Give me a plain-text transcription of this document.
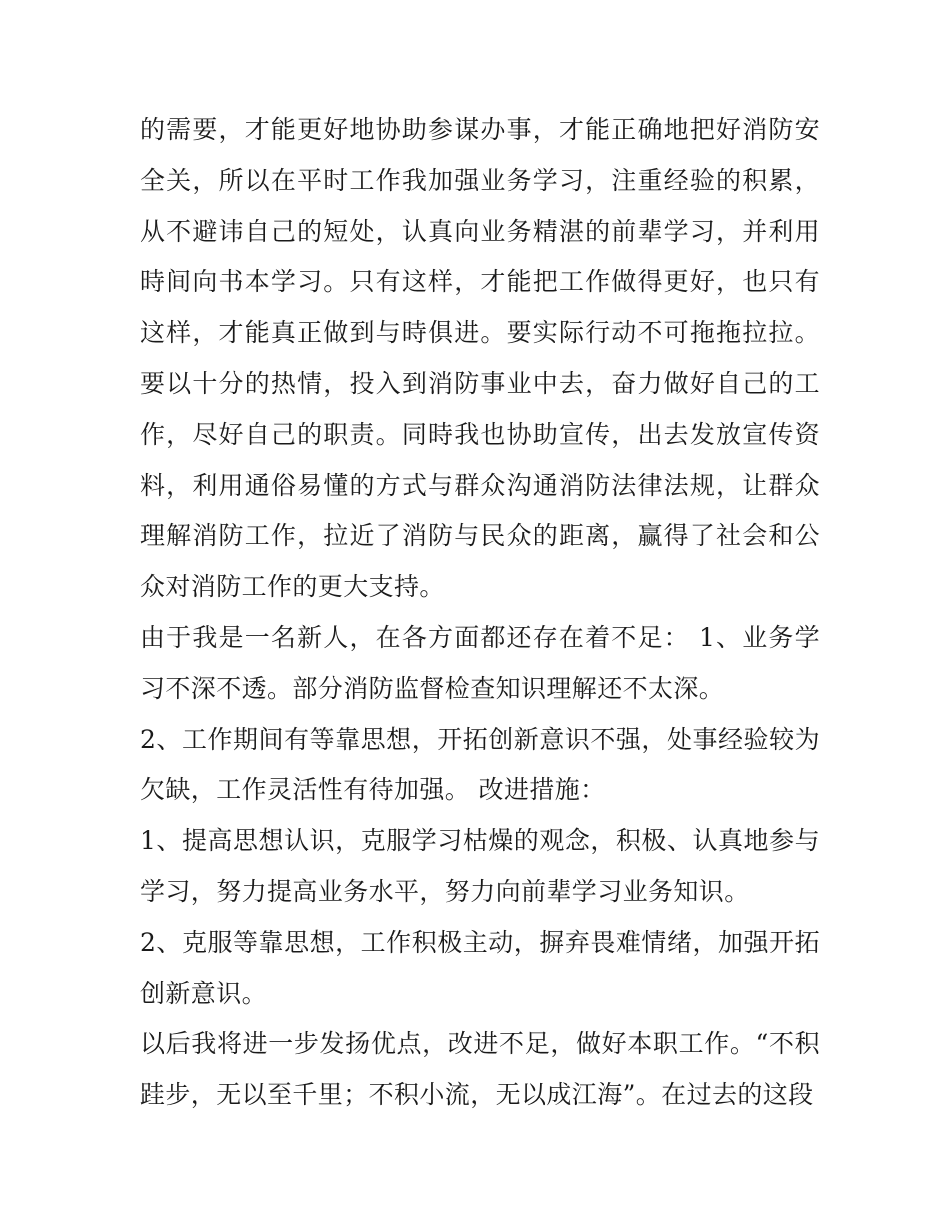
的需要，才能更好地协助参谋办事，才能正确地把好消防安全关，所以在平时工作我加强业务学习，注重经验的积累，从不避讳自己的短处，认真向业务精湛的前辈学习，并利用時间向书本学习。只有这样，才能把工作做得更好，也只有这样，才能真正做到与時俱进。要实际行动不可拖拖拉拉。要以十分的热情，投入到消防事业中去，奋力做好自己的工作，尽好自己的职责。同時我也协助宣传，出去发放宣传资料，利用通俗易懂的方式与群众沟通消防法律法规，让群众理解消防工作，拉近了消防与民众的距离，赢得了社会和公众对消防工作的更大支持。

由于我是一名新人，在各方面都还存在着不足： 1、业务学习不深不透。部分消防监督检查知识理解还不太深。

2、工作期间有等靠思想，开拓创新意识不强，处事经验较为欠缺，工作灵活性有待加强。 改进措施：

1、提高思想认识，克服学习枯燥的观念，积极、认真地参与学习，努力提高业务水平，努力向前辈学习业务知识。

2、克服等靠思想，工作积极主动，摒弃畏难情绪，加强开拓创新意识。

以后我将进一步发扬优点，改进不足，做好本职工作。“不积跬步，无以至千里；不积小流，无以成江海”。在过去的这段
